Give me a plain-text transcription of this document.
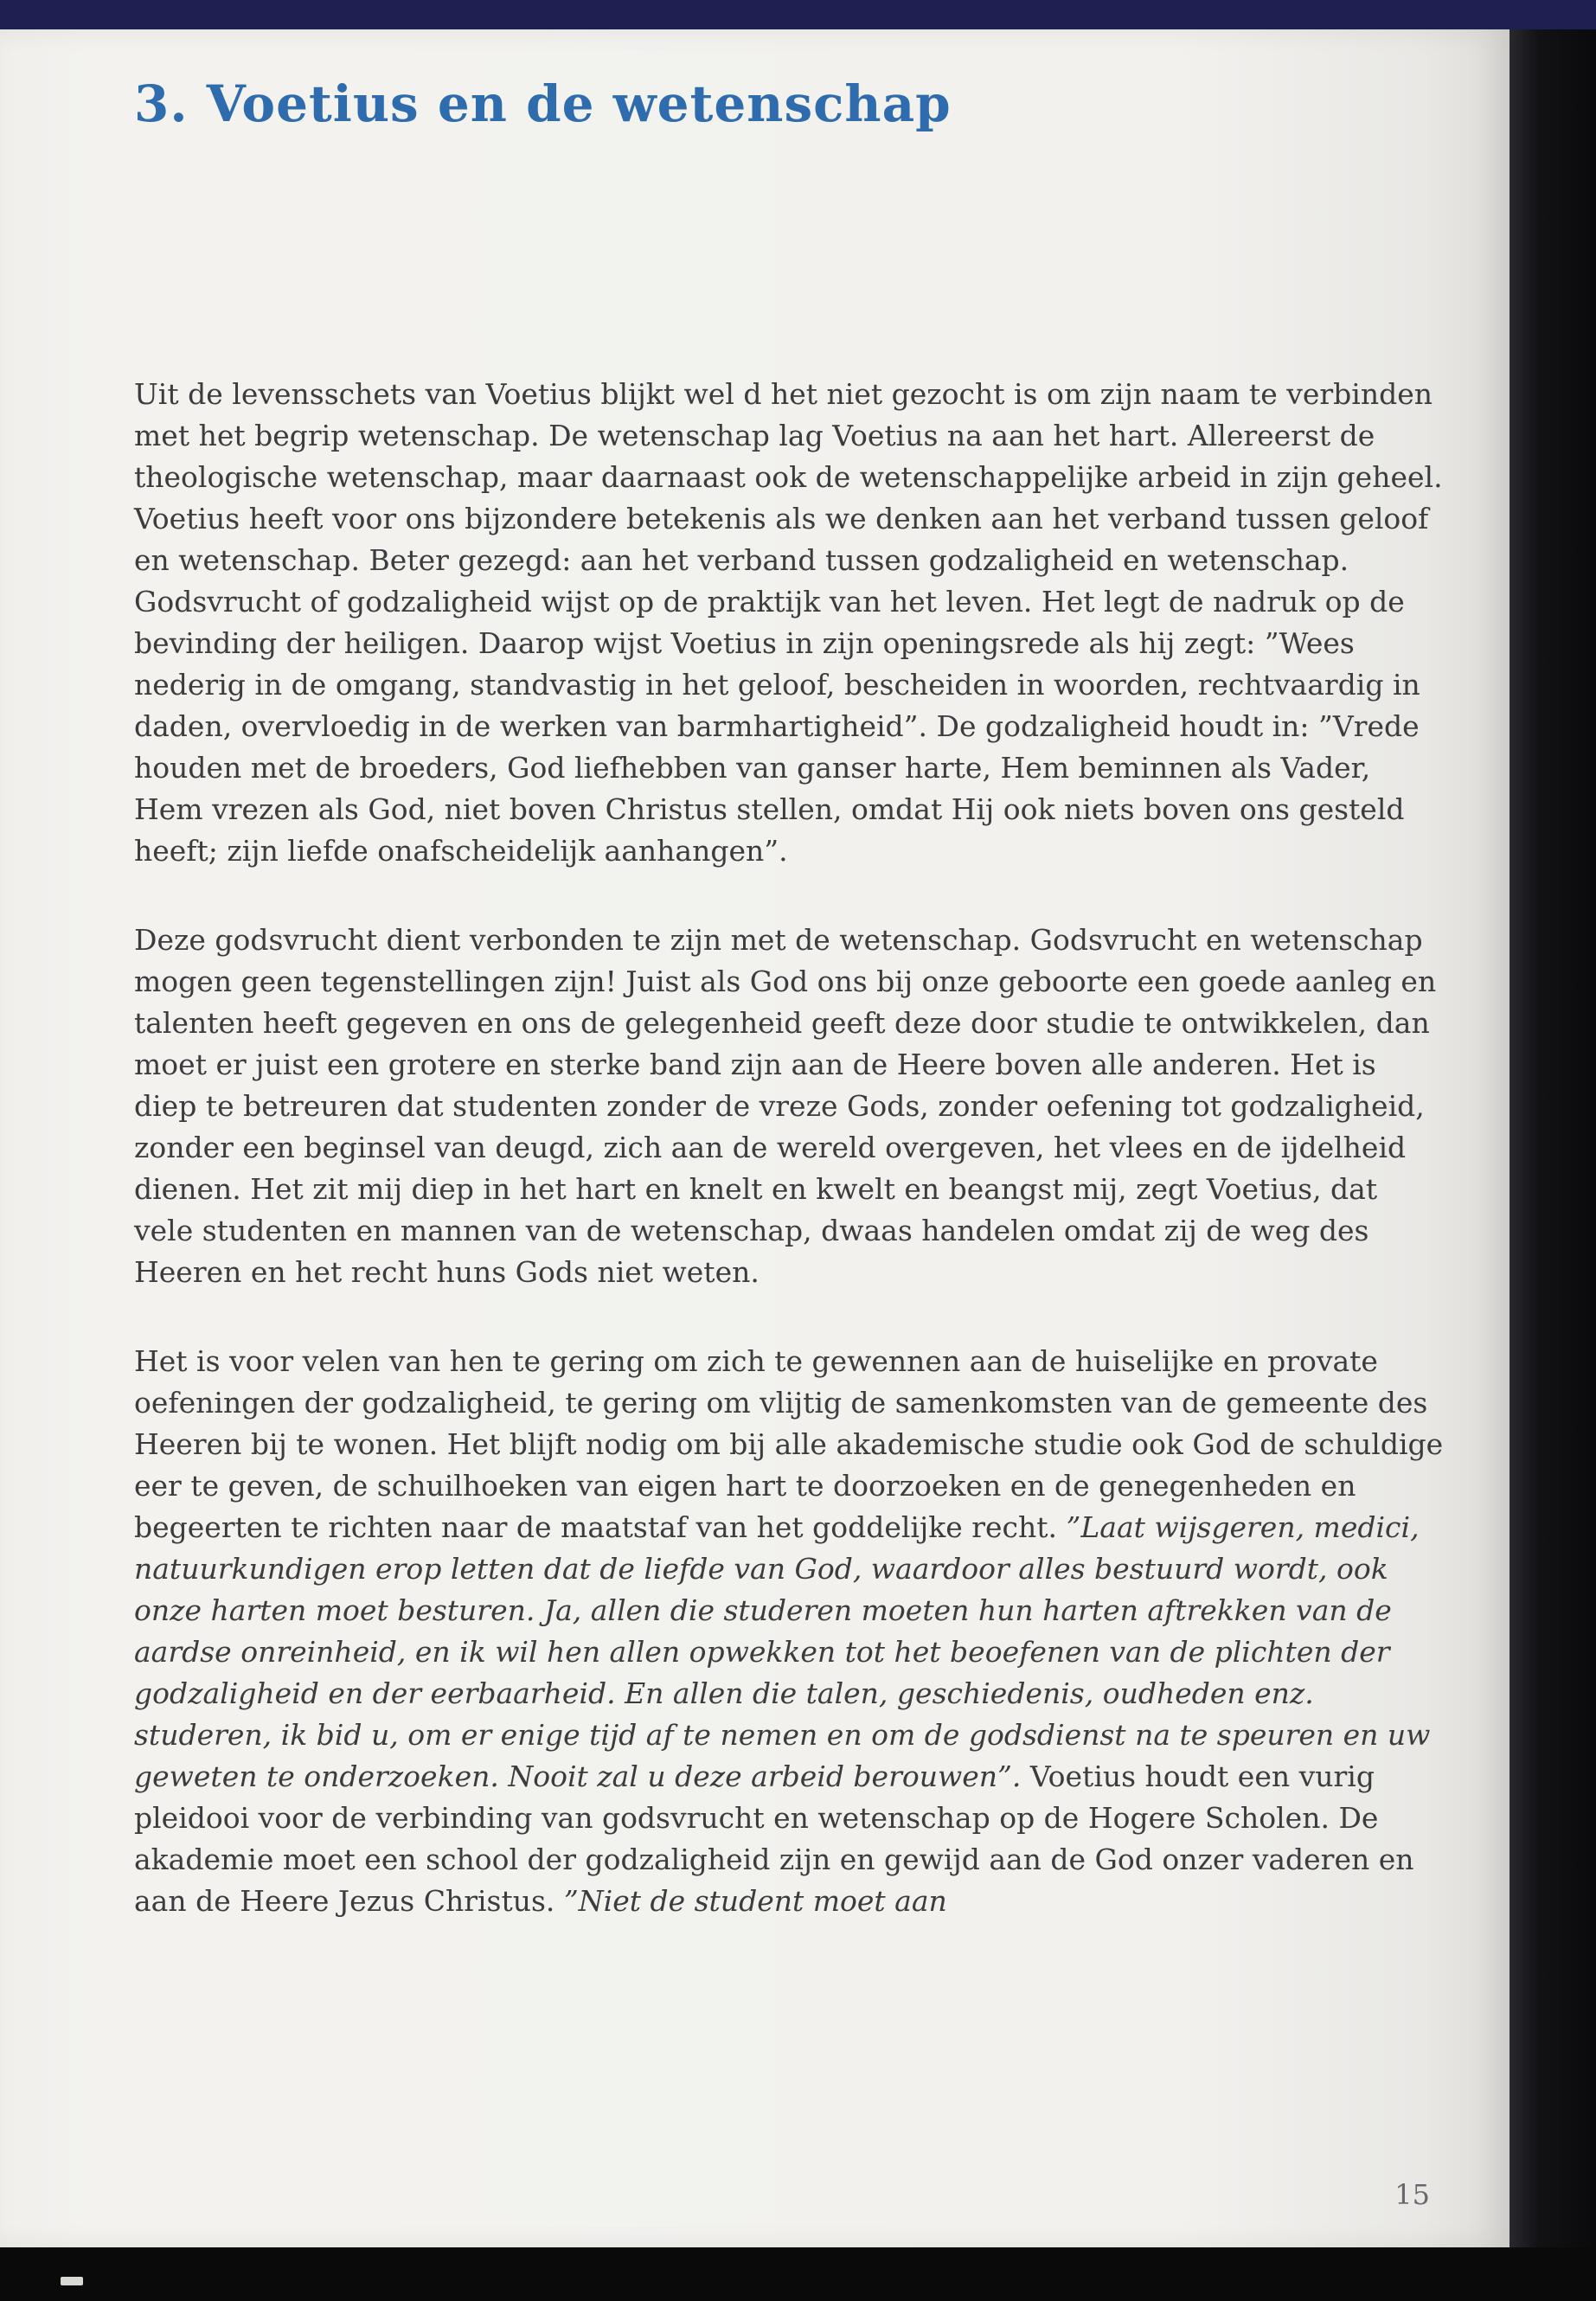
3. Voetius en de wetenschap

Uit de levensschets van Voetius blijkt wel d het niet gezocht is om zijn naam te verbinden met het begrip wetenschap. De wetenschap lag Voetius na aan het hart. Allereerst de theologische wetenschap, maar daarnaast ook de wetenschappelijke arbeid in zijn geheel. Voetius heeft voor ons bijzondere betekenis als we denken aan het verband tussen geloof en wetenschap. Beter gezegd: aan het verband tussen godzaligheid en wetenschap. Godsvrucht of godzaligheid wijst op de praktijk van het leven. Het legt de nadruk op de bevinding der heiligen. Daarop wijst Voetius in zijn openingsrede als hij zegt: ”Wees nederig in de omgang, standvastig in het geloof, bescheiden in woorden, rechtvaardig in daden, overvloedig in de werken van barmhartigheid”. De godzaligheid houdt in: ”Vrede houden met de broeders, God liefhebben van ganser harte, Hem beminnen als Vader, Hem vrezen als God, niet boven Christus stellen, omdat Hij ook niets boven ons gesteld heeft; zijn liefde onafscheidelijk aanhangen”.

Deze godsvrucht dient verbonden te zijn met de wetenschap. Godsvrucht en wetenschap mogen geen tegenstellingen zijn! Juist als God ons bij onze geboorte een goede aanleg en talenten heeft gegeven en ons de gelegenheid geeft deze door studie te ontwikkelen, dan moet er juist een grotere en sterke band zijn aan de Heere boven alle anderen. Het is diep te betreuren dat studenten zonder de vreze Gods, zonder oefening tot godzaligheid, zonder een beginsel van deugd, zich aan de wereld overgeven, het vlees en de ijdelheid dienen. Het zit mij diep in het hart en knelt en kwelt en beangst mij, zegt Voetius, dat vele studenten en mannen van de wetenschap, dwaas handelen omdat zij de weg des Heeren en het recht huns Gods niet weten.

Het is voor velen van hen te gering om zich te gewennen aan de huiselijke en provate oefeningen der godzaligheid, te gering om vlijtig de samenkomsten van de gemeente des Heeren bij te wonen. Het blijft nodig om bij alle akademische studie ook God de schuldige eer te geven, de schuilhoeken van eigen hart te doorzoeken en de genegenheden en begeerten te richten naar de maatstaf van het goddelijke recht. ”Laat wijsgeren, medici, natuurkundigen erop letten dat de liefde van God, waardoor alles bestuurd wordt, ook onze harten moet besturen. Ja, allen die studeren moeten hun harten aftrekken van de aardse onreinheid, en ik wil hen allen opwekken tot het beoefenen van de plichten der godzaligheid en der eerbaarheid. En allen die talen, geschiedenis, oudheden enz. studeren, ik bid u, om er enige tijd af te nemen en om de godsdienst na te speuren en uw geweten te onderzoeken. Nooit zal u deze arbeid berouwen”. Voetius houdt een vurig pleidooi voor de verbinding van godsvrucht en wetenschap op de Hogere Scholen. De akademie moet een school der godzaligheid zijn en gewijd aan de God onzer vaderen en aan de Heere Jezus Christus. ”Niet de student moet aan

15
